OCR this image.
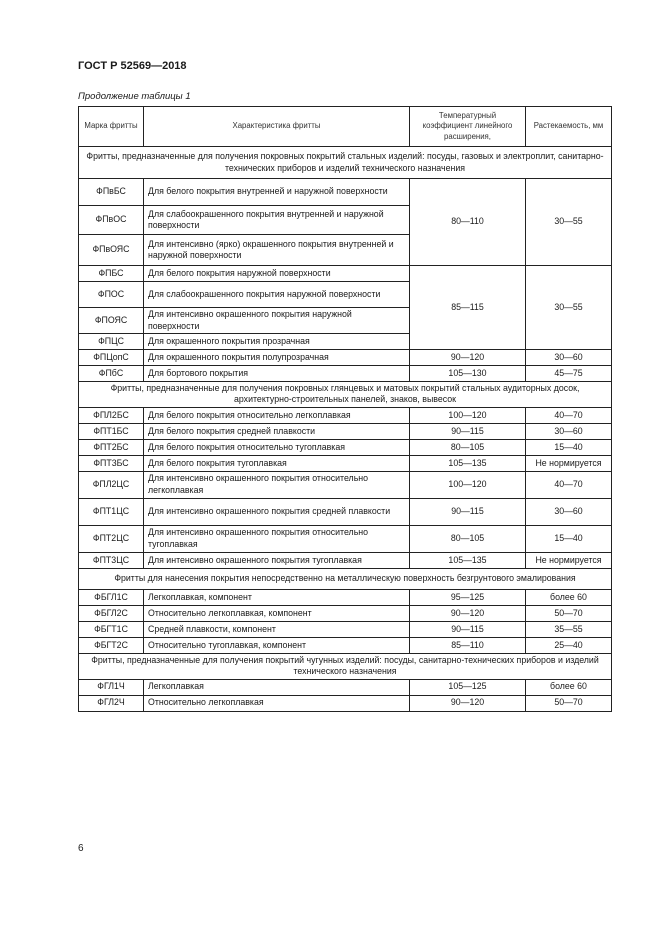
ГОСТ Р 52569—2018
Продолжение таблицы 1
Марка фритты	Характеристика фритты	Температурный коэффициент линейного расширения,	Растекаемость, мм
Фритты, предназначенные для получения покровных покрытий стальных изделий: посуды, газовых и электроплит, санитарно-технических приборов и изделий технического назначения			
ФПвБС	Для белого покрытия внутренней и наружной поверхности	80—110	30—55
ФПвОС	Для слабоокрашенного покрытия внутренней и наружной поверхности		
ФПвОЯС	Для интенсивно (ярко) окрашенного покрытия внутренней и наружной поверхности		
ФПБС	Для белого покрытия наружной поверхности	85—115	30—55
ФПОС	Для слабоокрашенного покрытия наружной поверхности		
ФПОЯС	Для интенсивно окрашенного покрытия наружной поверхности		
ФПЦС	Для окрашенного покрытия прозрачная		
ФПЦопС	Для окрашенного покрытия полупрозрачная	90—120	30—60
ФПбС	Для бортового покрытия	105—130	45—75
Фритты, предназначенные для получения покровных глянцевых и матовых покрытий стальных аудиторных досок, архитектурно-строительных панелей, знаков, вывесок			
ФПЛ2БС	Для белого покрытия относительно легкоплавкая	100—120	40—70
ФПТ1БС	Для белого покрытия средней плавкости	90—115	30—60
ФПТ2БС	Для белого покрытия относительно тугоплавкая	80—105	15—40
ФПТ3БС	Для белого покрытия тугоплавкая	105—135	Не нормируется
ФПЛ2ЦС	Для интенсивно окрашенного покрытия относительно легкоплавкая	100—120	40—70
ФПТ1ЦС	Для интенсивно окрашенного покрытия средней плавкости	90—115	30—60
ФПТ2ЦС	Для интенсивно окрашенного покрытия относительно тугоплавкая	80—105	15—40
ФПТ3ЦС	Для интенсивно окрашенного покрытия тугоплавкая	105—135	Не нормируется
Фритты для нанесения покрытия непосредственно на металлическую поверхность безгрунтового эмалирования			
ФБГЛ1С	Легкоплавкая, компонент	95—125	более 60
ФБГЛ2С	Относительно легкоплавкая, компонент	90—120	50—70
ФБГТ1С	Средней плавкости, компонент	90—115	35—55
ФБГТ2С	Относительно тугоплавкая, компонент	85—110	25—40
Фритты, предназначенные для получения покрытий чугунных изделий: посуды, санитарно-технических приборов и изделий технического назначения			
ФГЛ1Ч	Легкоплавкая	105—125	более 60
ФГЛ2Ч	Относительно легкоплавкая	90—120	50—70
6
